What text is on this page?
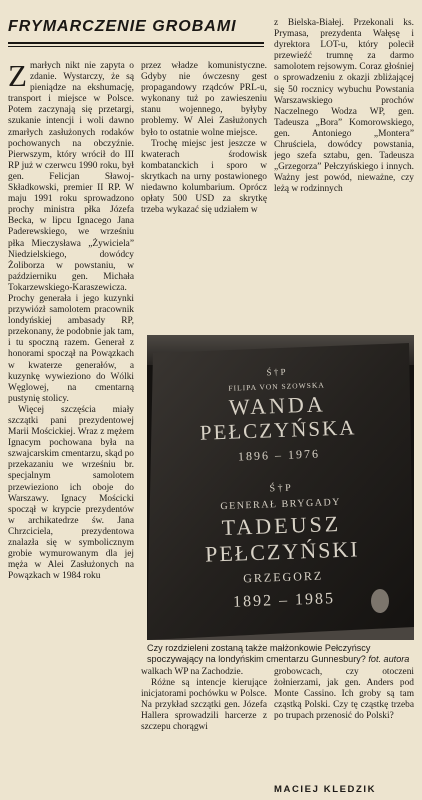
FRYMARCZENIE GROBAMI

Zmarłych nikt nie zapyta o zdanie. Wystarczy, że są pieniądze na ekshumację, transport i miejsce w Polsce. Potem zaczynają się przetargi, szukanie intencji i woli dawno zmarłych zasłużonych rodaków pochowanych na obczyźnie. Pierwszym, który wrócił do III RP już w czerwcu 1990 roku, był gen. Felicjan Sławoj-Składkowski, premier II RP. W maju 1991 roku sprowadzono prochy ministra płka Józefa Becka, w lipcu Ignacego Jana Paderewskiego, we wrześniu płka Mieczysława „Żywiciela” Niedzielskiego, dowódcy Żoliborza w powstaniu, w październiku gen. Michała Tokarzewskiego-Karaszewicza. Prochy generała i jego kuzynki przywiózł samolotem pracownik londyńskiej ambasady RP, przekonany, że podobnie jak tam, i tu spoczną razem. Generał z honorami spoczął na Powązkach w kwaterze generałów, a kuzynkę wywieziono do Wólki Węglowej, na cmentarną pustynię stolicy.

Więcej szczęścia miały szczątki pani prezydentowej Marii Mościckiej. Wraz z mężem Ignacym pochowana była na szwajcarskim cmentarzu, skąd po przekazaniu we wrześniu br. specjalnym samolotem przewieziono ich oboje do Warszawy. Ignacy Mościcki spoczął w krypcie prezydentów w archikatedrze św. Jana Chrzciciela, prezydentowa znalazła się w symbolicznym grobie wymurowanym dla jej męża w Alei Zasłużonych na Powązkach w 1984 roku

przez władze komunistyczne. Gdyby nie ówczesny gest propagandowy rządców PRL-u, wykonany tuż po zawieszeniu stanu wojennego, byłyby problemy. W Alei Zasłużonych było to ostatnie wolne miejsce.

Trochę miejsc jest jeszcze w kwaterach środowisk kombatanckich i sporo w skrytkach na urny postawionego niedawno kolumbarium. Oprócz opłaty 500 USD za skrytkę trzeba wykazać się udziałem w

z Bielska-Białej. Przekonali ks. Prymasa, prezydenta Wałęsę i dyrektora LOT-u, który polecił przewieźć trumnę za darmo samolotem rejsowym. Coraz głośniej o sprowadzeniu z okazji zbliżającej się 50 rocznicy wybuchu Powstania Warszawskiego prochów Naczelnego Wodza WP, gen. Tadeusza „Bora” Komorowskiego, gen. Antoniego „Montera” Chruściela, dowódcy powstania, jego szefa sztabu, gen. Tadeusza „Grzegorza” Pełczyńskiego i innych. Ważny jest powód, nieważne, czy leżą w rodzinnych

Ś † P
FILIPA VON SZOWSKA
WANDA
PEŁCZYŃSKA
1896 – 1976
Ś † P
GENERAŁ BRYGADY
TADEUSZ
PEŁCZYŃSKI
GRZEGORZ
1892 – 1985
Czy rozdzieleni zostaną także małżonkowie Pełczyńscy spoczywający na londyńskim cmentarzu Gunnesbury? fot. autora

walkach WP na Zachodzie.

Różne są intencje kierujące inicjatorami pochówku w Polsce. Na przykład szczątki gen. Józefa Hallera sprowadzili harcerze z szczepu chorągwi

grobowcach, czy otoczeni żołnierzami, jak gen. Anders pod Monte Cassino. Ich groby są tam cząstką Polski. Czy tę cząstkę trzeba po trupach przenosić do Polski?

MACIEJ KLEDZIK
